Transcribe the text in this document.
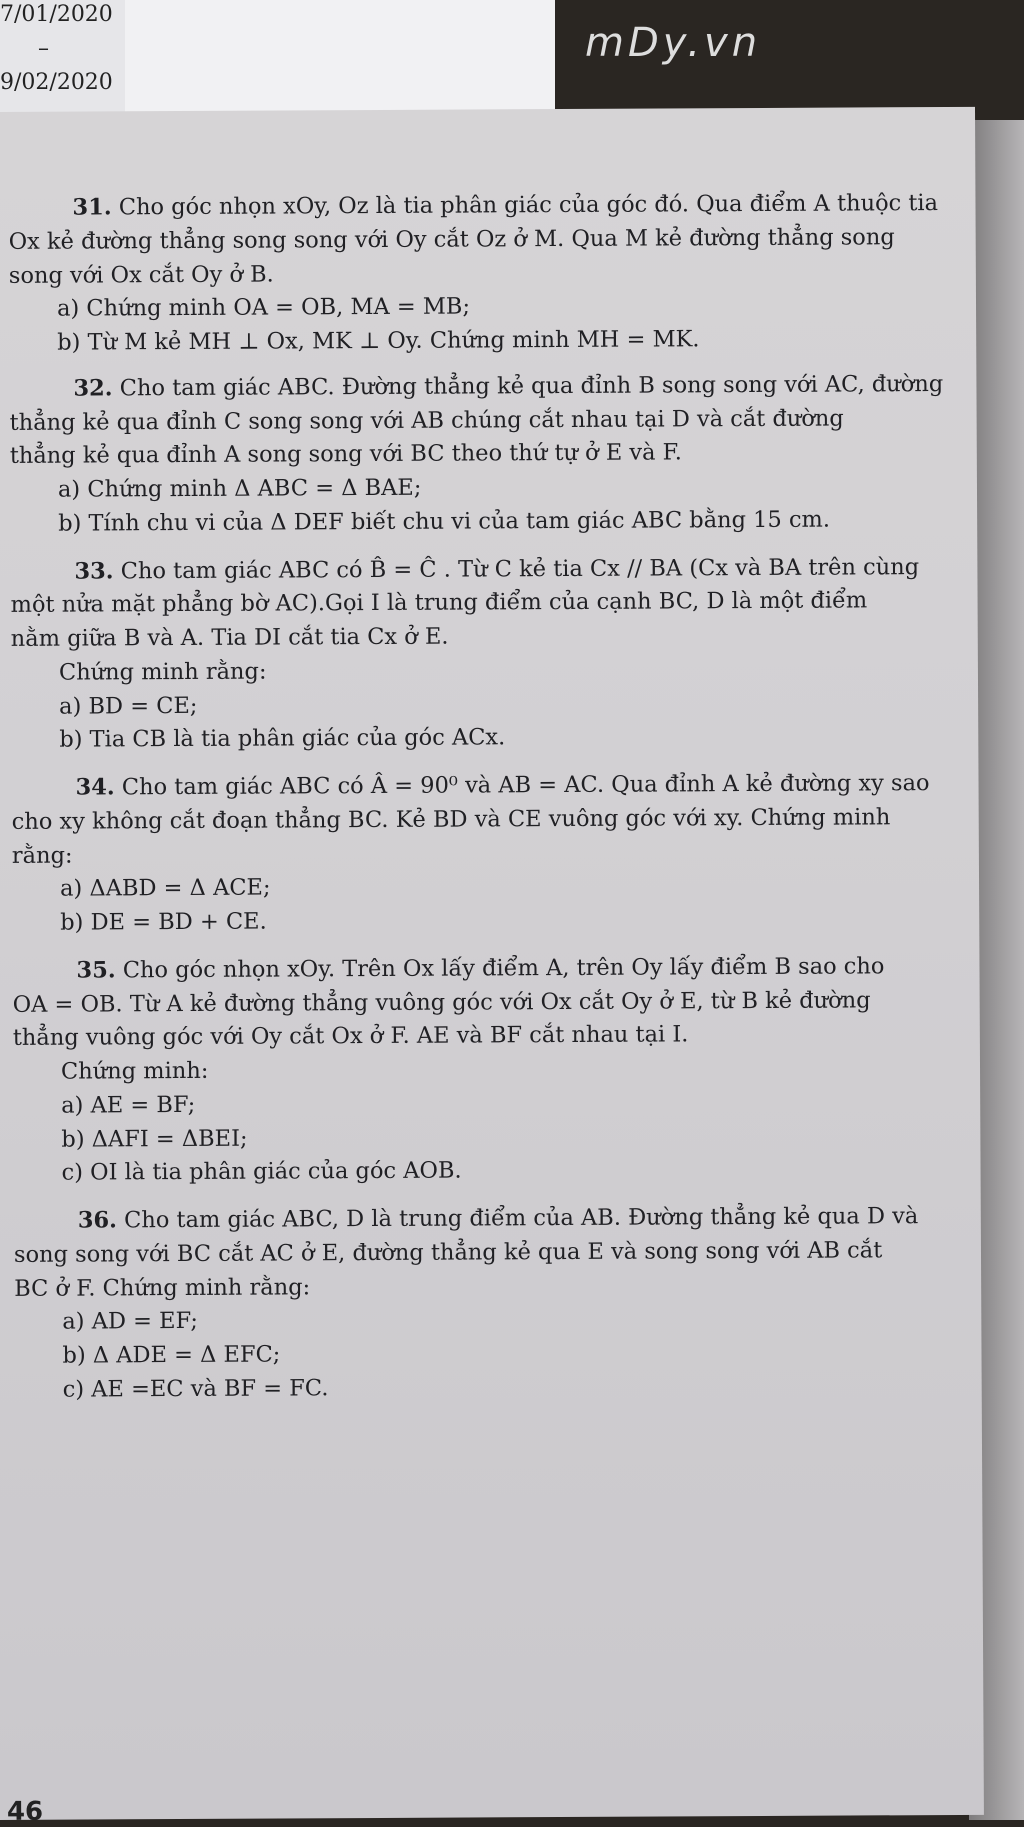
7/01/2020
–
9/02/2020
mDy.vn

31. Cho góc nhọn xOy, Oz là tia phân giác của góc đó. Qua điểm A thuộc tia

Ox kẻ đường thẳng song song với Oy cắt Oz ở M. Qua M kẻ đường thẳng song

song với Ox cắt Oy ở B.

a) Chứng minh OA = OB, MA = MB;

b) Từ M kẻ MH ⊥ Ox, MK ⊥ Oy. Chứng minh MH = MK.

32. Cho tam giác ABC. Đường thẳng kẻ qua đỉnh B song song với AC, đường

thẳng kẻ qua đỉnh C song song với AB chúng cắt nhau tại D và cắt đường

thẳng kẻ qua đỉnh A song song với BC theo thứ tự ở E và F.

a) Chứng minh Δ ABC = Δ BAE;

b) Tính chu vi của Δ DEF biết chu vi của tam giác ABC bằng 15 cm.

33. Cho tam giác ABC có B̂ = Ĉ . Từ C kẻ tia Cx // BA (Cx và BA trên cùng

một nửa mặt phẳng bờ AC).Gọi I là trung điểm của cạnh BC, D là một điểm

nằm giữa B và A. Tia DI cắt tia Cx ở E.

Chứng minh rằng:

a) BD = CE;

b) Tia CB là tia phân giác của góc ACx.

34. Cho tam giác ABC có Â = 90⁰ và AB = AC. Qua đỉnh A kẻ đường xy sao

cho xy không cắt đoạn thẳng BC. Kẻ BD và CE vuông góc với xy. Chứng minh

rằng:

a) ΔABD = Δ ACE;

b) DE = BD + CE.

35. Cho góc nhọn xOy. Trên Ox lấy điểm A, trên Oy lấy điểm B sao cho

OA = OB. Từ A kẻ đường thẳng vuông góc với Ox cắt Oy ở E, từ B kẻ đường

thẳng vuông góc với Oy cắt Ox ở F. AE và BF cắt nhau tại I.

Chứng minh:

a) AE = BF;

b) ΔAFI = ΔBEI;

c) OI là tia phân giác của góc AOB.

36. Cho tam giác ABC, D là trung điểm của AB. Đường thẳng kẻ qua D và

song song với BC cắt AC ở E, đường thẳng kẻ qua E và song song với AB cắt

BC ở F. Chứng minh rằng:

a) AD = EF;

b) Δ ADE = Δ EFC;

c) AE =EC và BF = FC.

46
